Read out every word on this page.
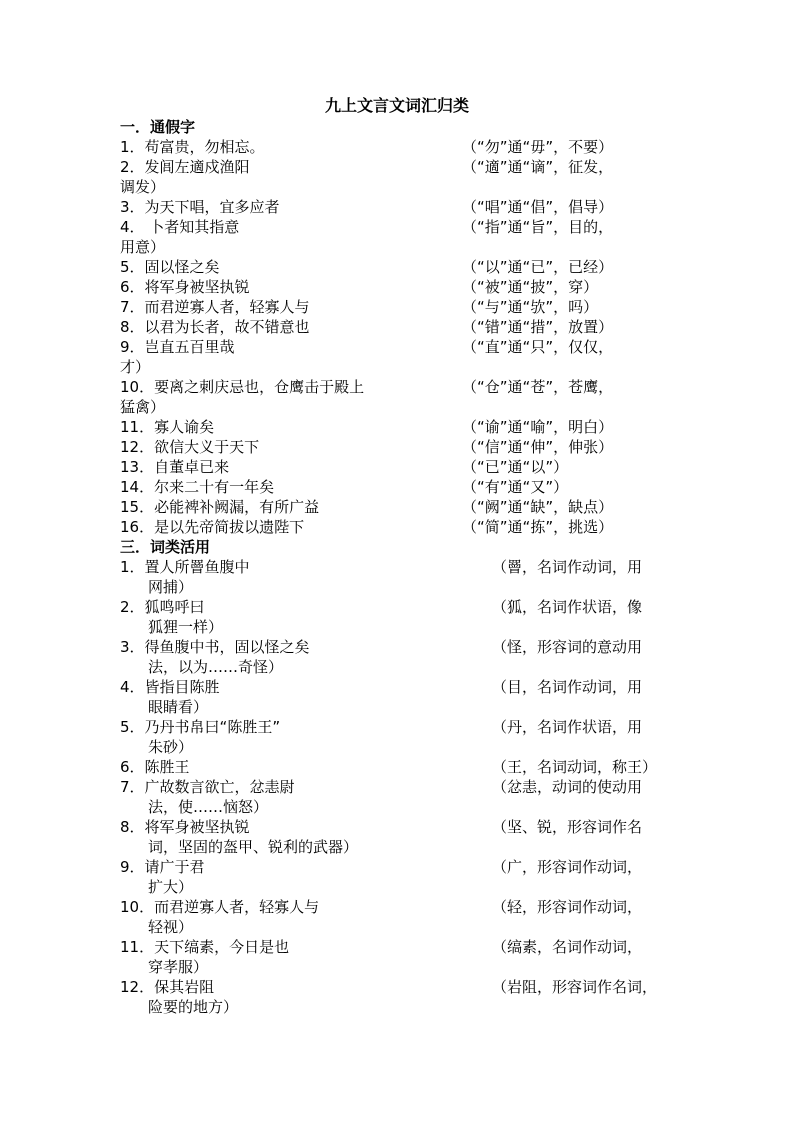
九上文言文词汇归类
一．通假字
1．苟富贵，勿相忘。	（“勿”通“毋”，不要）
2．发闾左適戍渔阳	（“適”通“谪”，征发，
调发）
3．为天下唱，宜多应者	（“唱”通“倡”，倡导）
4． 卜者知其指意	（“指”通“旨”，目的，
用意）
5．固以怪之矣	（“以”通“已”，已经）
6．将军身被坚执锐	（“被”通“披”，穿）
7．而君逆寡人者，轻寡人与	（“与”通“欤”，吗）
8．以君为长者，故不错意也	（“错”通“措”，放置）
9．岂直五百里哉	（“直”通“只”，仅仅，
才）
10．要离之刺庆忌也，仓鹰击于殿上	（“仓”通“苍”，苍鹰，
猛禽）
11．寡人谕矣	（“谕”通“喻”，明白）
12．欲信大义于天下	（“信”通“伸”，伸张）
13．自董卓已来	（“已”通“以”）
14．尔来二十有一年矣	（“有”通“又”）
15．必能裨补阙漏，有所广益	（“阙”通“缺”，缺点）
16．是以先帝简拔以遗陛下	（“简”通“拣”，挑选）
三．词类活用
1．置人所罾鱼腹中	（罾，名词作动词，用
网捕）
2．狐鸣呼曰	（狐，名词作状语，像
狐狸一样）
3．得鱼腹中书，固以怪之矣	（怪，形容词的意动用
法，以为……奇怪）
4．皆指目陈胜	（目，名词作动词，用
眼睛看）
5．乃丹书帛曰“陈胜王”	（丹，名词作状语，用
朱砂）
6．陈胜王	（王，名词动词，称王）
7．广故数言欲亡，忿恚尉	（忿恚，动词的使动用
法，使……恼怒）
8．将军身被坚执锐	（坚、锐，形容词作名
词，坚固的盔甲、锐利的武器）
9．请广于君	（广，形容词作动词，
扩大）
10．而君逆寡人者，轻寡人与	（轻，形容词作动词，
轻视）
11．天下缟素，今日是也	（缟素，名词作动词，
穿孝服）
12．保其岩阻	（岩阻，形容词作名词，
险要的地方）
